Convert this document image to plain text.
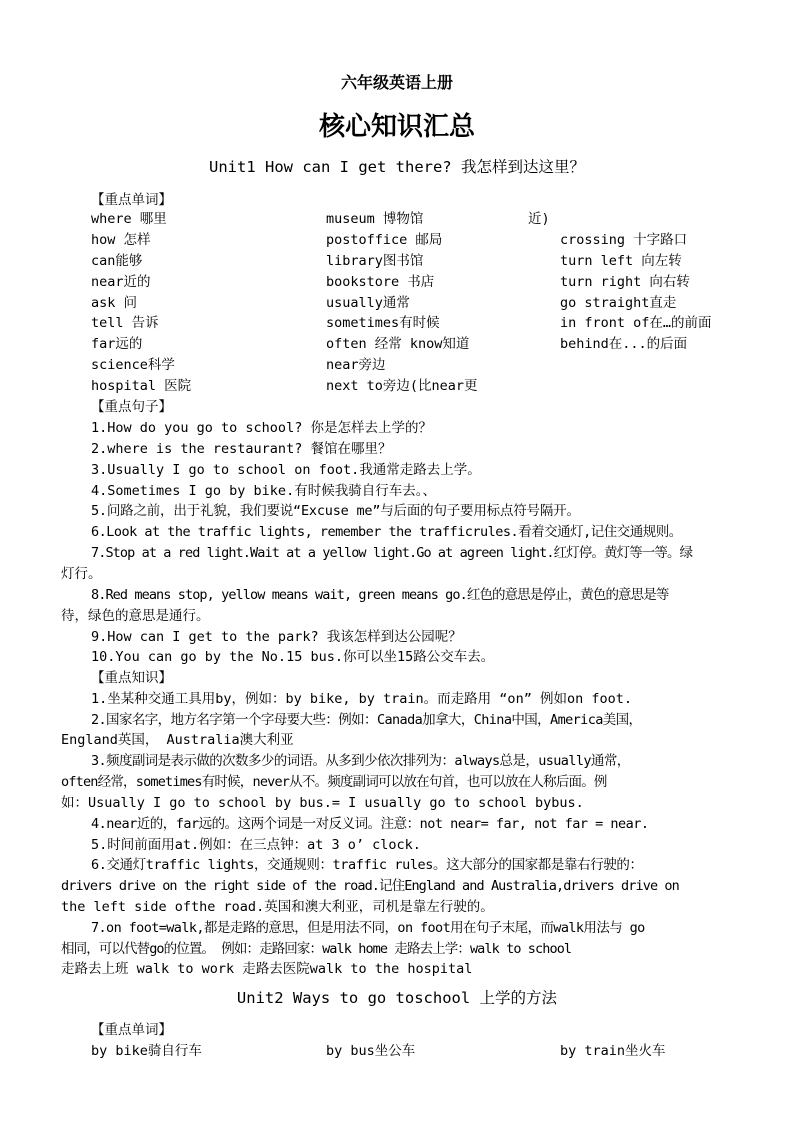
六年级英语上册
核心知识汇总
Unit1 How can I get there? 我怎样到达这里？
【重点单词】
where 哪里
how 怎样
can能够
near近的
ask 问
tell 告诉
far远的
science科学
hospital 医院
museum 博物馆
postoffice 邮局
library图书馆
bookstore 书店
usually通常
sometimes有时候
often 经常 know知道
near旁边
next to旁边(比near更
近)
crossing 十字路口
turn left 向左转
turn right 向右转
go straight直走
in front of在…的前面
behind在...的后面
【重点句子】
1.How do you go to school? 你是怎样去上学的？
2.where is the restaurant? 餐馆在哪里？
3.Usually I go to school on foot.我通常走路去上学。
4.Sometimes I go by bike.有时候我骑自行车去。、
5.问路之前，出于礼貌，我们要说“Excuse me”与后面的句子要用标点符号隔开。
6.Look at the traffic lights, remember the trafficrules.看着交通灯,记住交通规则。
7.Stop at a red light.Wait at a yellow light.Go at agreen light.红灯停。黄灯等一等。绿
灯行。
8.Red means stop, yellow means wait, green means go.红色的意思是停止，黄色的意思是等
待，绿色的意思是通行。
9.How can I get to the park? 我该怎样到达公园呢？
10.You can go by the No.15 bus.你可以坐15路公交车去。
【重点知识】
1.坐某种交通工具用by，例如：by bike, by train。而走路用 “on” 例如on foot.
2.国家名字，地方名字第一个字母要大些：例如：Canada加拿大，China中国，America美国，
England英国， Australia澳大利亚
3.频度副词是表示做的次数多少的词语。从多到少依次排列为：always总是，usually通常，
often经常，sometimes有时候，never从不。频度副词可以放在句首，也可以放在人称后面。例
如：Usually I go to school by bus.= I usually go to school bybus.
4.near近的，far远的。这两个词是一对反义词。注意：not near= far, not far = near.
5.时间前面用at.例如：在三点钟：at 3 o’ clock.
6.交通灯traffic lights，交通规则：traffic rules。这大部分的国家都是靠右行驶的：
drivers drive on the right side of the road.记住England and Australia,drivers drive on
the left side ofthe road.英国和澳大利亚，司机是靠左行驶的。
7.on foot=walk,都是走路的意思，但是用法不同，on foot用在句子末尾，而walk用法与 go
相同，可以代替go的位置。 例如：走路回家：walk home 走路去上学：walk to school
走路去上班 walk to work 走路去医院walk to the hospital
Unit2 Ways to go toschool 上学的方法
【重点单词】
by bike骑自行车	by bus坐公车	by train坐火车
